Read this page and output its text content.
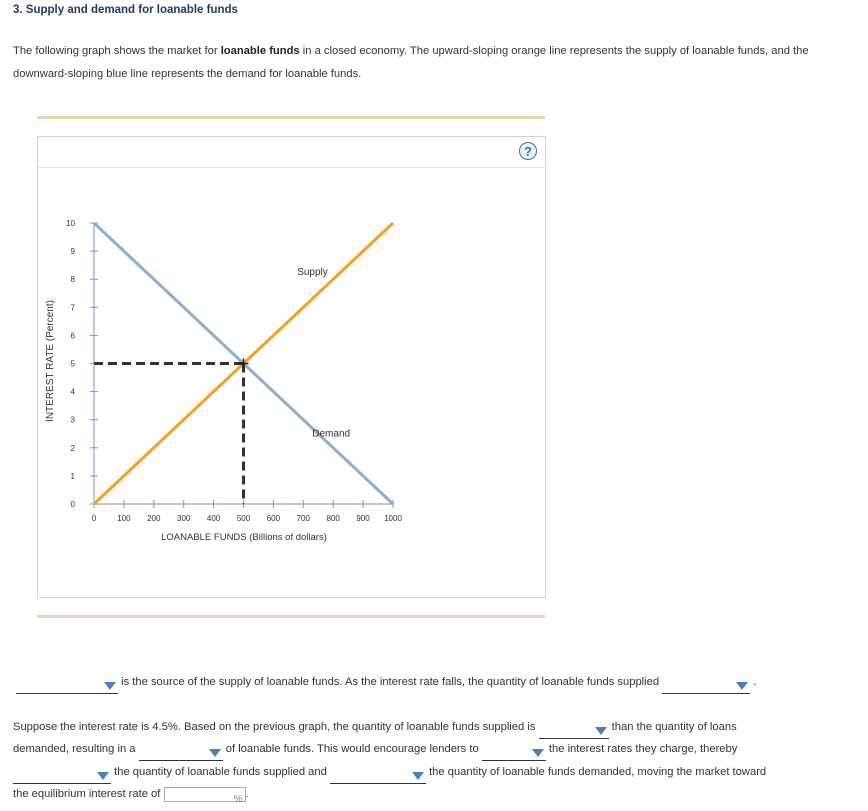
3. Supply and demand for loanable funds
The following graph shows the market for loanable funds in a closed economy. The upward-sloping orange line represents the supply of loanable funds, and the downward-sloping blue line represents the demand for loanable funds.
?
INTEREST RATE (Percent)
LOANABLE FUNDS (Billions of dollars)
0
1
2
3
4
5
6
7
8
9
10
0	100 200 300 400 500 600 700 800 900 1000
Supply
Demand
is the source of the supply of loanable funds. As the interest rate falls, the quantity of loanable funds supplied	.
Suppose the interest rate is 4.5%. Based on the previous graph, the quantity of loanable funds supplied is	than the quantity of loans
demanded, resulting in a	of loanable funds. This would encourage lenders to	the interest rates they charge, thereby
the quantity of loanable funds supplied and	the quantity of loanable funds demanded, moving the market toward
the equilibrium interest rate of	% .
